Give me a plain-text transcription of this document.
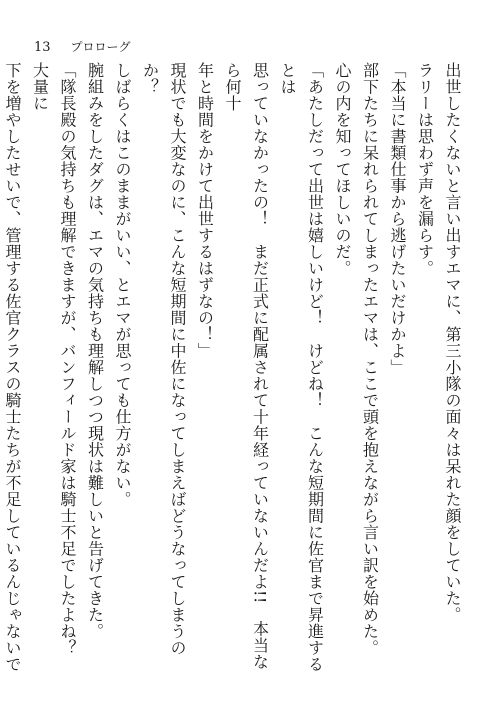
13 プロローグ

出世したくないと言い出すエマに、第三小隊の面々は呆れた顔をしていた。

ラリーは思わず声を漏らす。

「本当に書類仕事から逃げたいだけかよ」

部下たちに呆れられてしまったエマは、ここで頭を抱えながら言い訳を始めた。

心の内を知ってほしいのだ。

「あたしだって出世は嬉しいけど！　けどね！　こんな短期間に佐官まで昇進するとは

思っていなかったの！　まだ正式に配属されて十年経っていないんだよ!!　本当なら何十

年と時間をかけて出世するはずなの！」

現状でも大変なのに、こんな短期間に中佐になってしまえばどうなってしまうのか？

しばらくはこのままがいい、とエマが思っても仕方がない。

腕組みをしたダグは、エマの気持ちも理解しつつ現状は難しいと告げてきた。

「隊長殿の気持ちも理解できますが、バンフィールド家は騎士不足でしたよね？　大量に

下を増やしたせいで、管理する佐官クラスの騎士たちが不足しているんじゃないで
